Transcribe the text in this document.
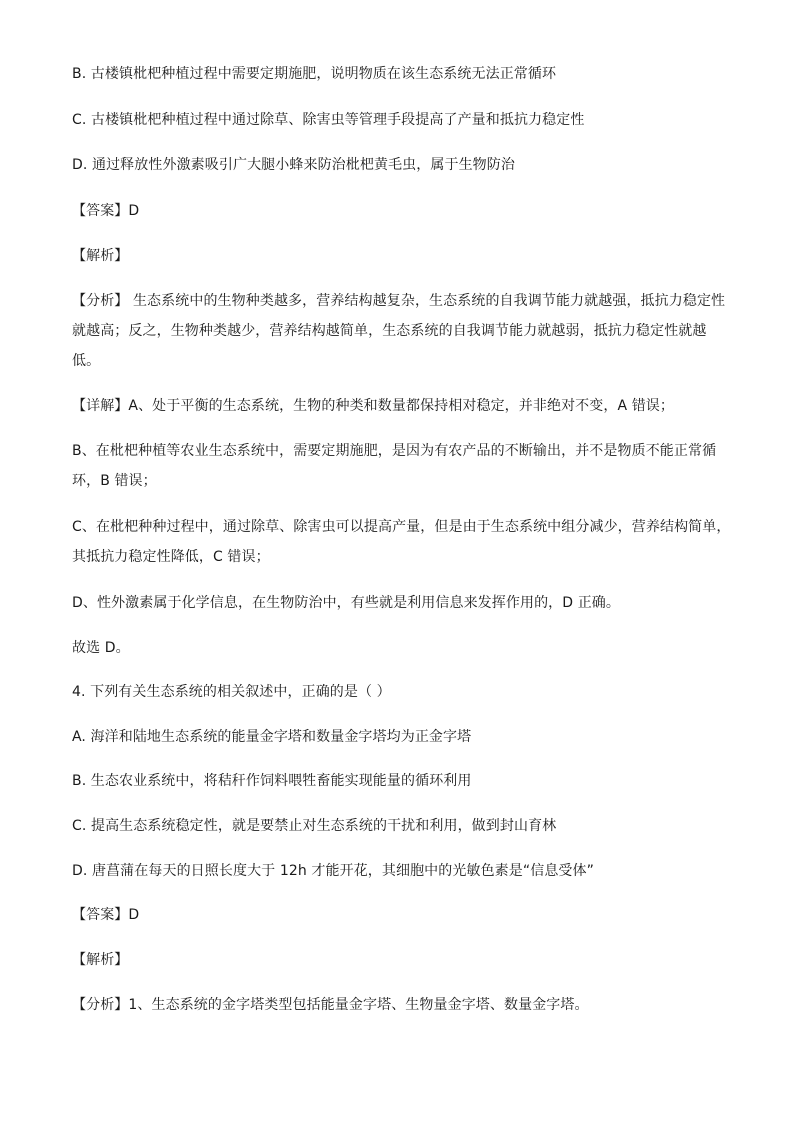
B. 古楼镇枇杷种植过程中需要定期施肥，说明物质在该生态系统无法正常循环
C. 古楼镇枇杷种植过程中通过除草、除害虫等管理手段提高了产量和抵抗力稳定性
D. 通过释放性外激素吸引广大腿小蜂来防治枇杷黄毛虫，属于生物防治
【答案】D
【解析】
【分析】 生态系统中的生物种类越多，营养结构越复杂，生态系统的自我调节能力就越强，抵抗力稳定性就越高；反之，生物种类越少，营养结构越简单，生态系统的自我调节能力就越弱，抵抗力稳定性就越低。
【详解】A、处于平衡的生态系统，生物的种类和数量都保持相对稳定，并非绝对不变，A 错误；
B、在枇杷种植等农业生态系统中，需要定期施肥，是因为有农产品的不断输出，并不是物质不能正常循环，B 错误；
C、在枇杷种种过程中，通过除草、除害虫可以提高产量，但是由于生态系统中组分减少，营养结构简单，其抵抗力稳定性降低，C 错误；
D、性外激素属于化学信息，在生物防治中，有些就是利用信息来发挥作用的，D 正确。
故选 D。
4. 下列有关生态系统的相关叙述中，正确的是（ ）
A. 海洋和陆地生态系统的能量金字塔和数量金字塔均为正金字塔
B. 生态农业系统中，将秸秆作饲料喂牲畜能实现能量的循环利用
C. 提高生态系统稳定性，就是要禁止对生态系统的干扰和利用，做到封山育林
D. 唐菖蒲在每天的日照长度大于 12h 才能开花，其细胞中的光敏色素是“信息受体”
【答案】D
【解析】
【分析】1、生态系统的金字塔类型包括能量金字塔、生物量金字塔、数量金字塔。
